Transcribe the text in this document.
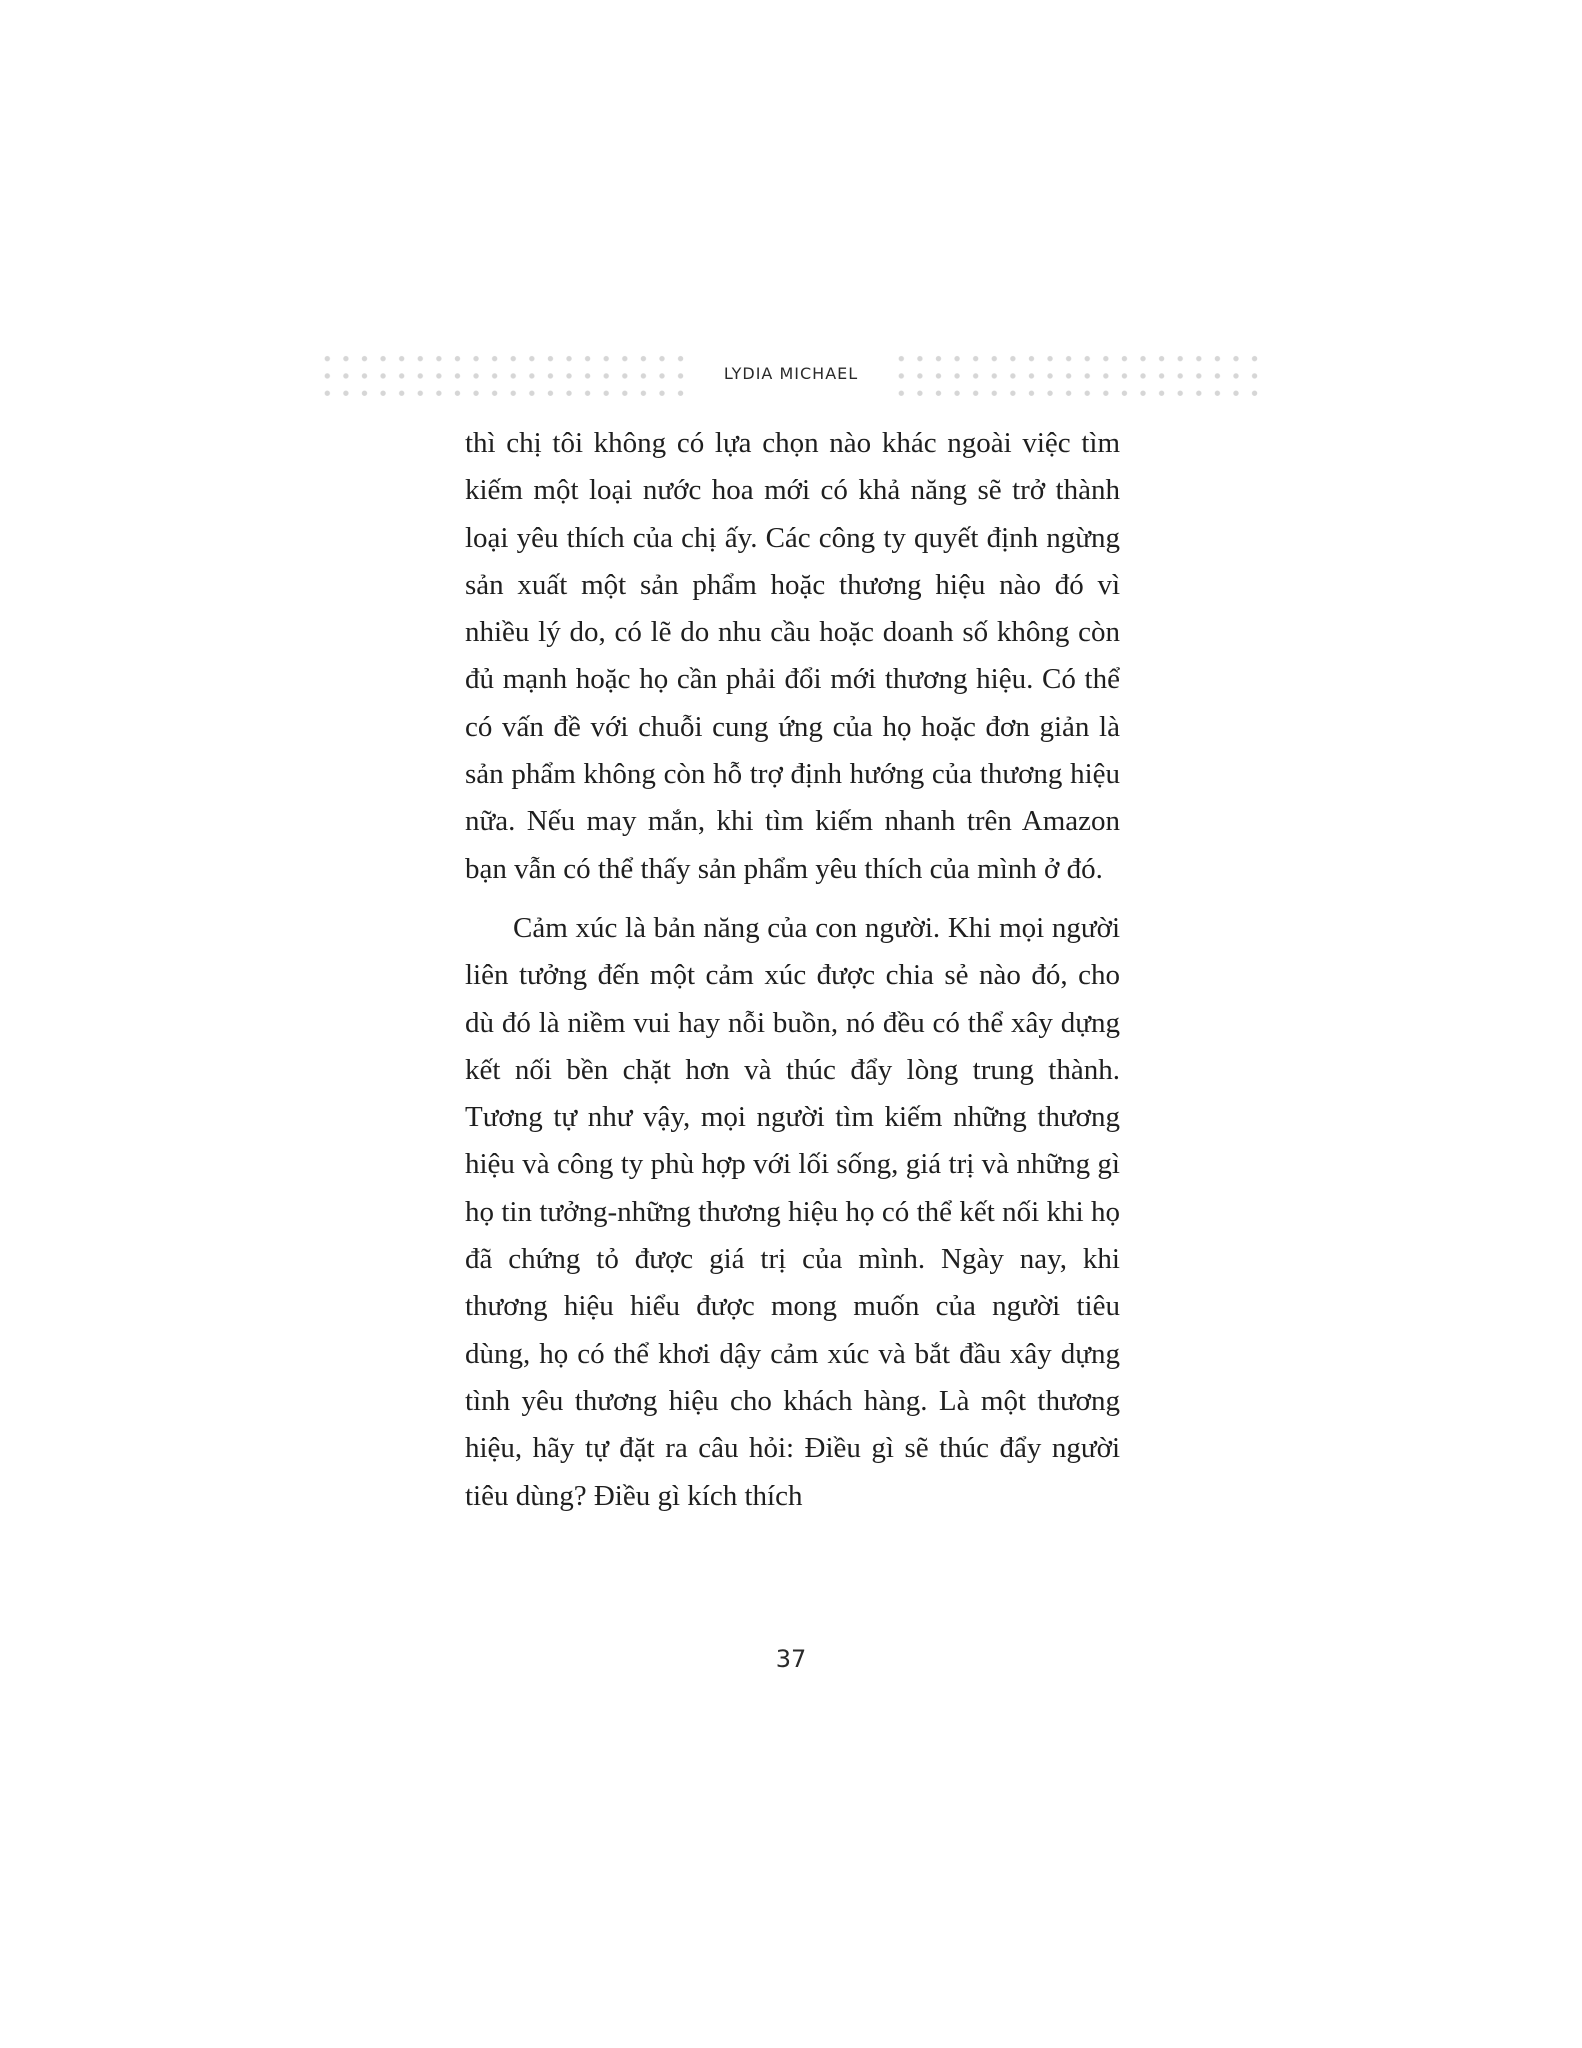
LYDIA MICHAEL

thì chị tôi không có lựa chọn nào khác ngoài việc tìm kiếm một loại nước hoa mới có khả năng sẽ trở thành loại yêu thích của chị ấy. Các công ty quyết định ngừng sản xuất một sản phẩm hoặc thương hiệu nào đó vì nhiều lý do, có lẽ do nhu cầu hoặc doanh số không còn đủ mạnh hoặc họ cần phải đổi mới thương hiệu. Có thể có vấn đề với chuỗi cung ứng của họ hoặc đơn giản là sản phẩm không còn hỗ trợ định hướng của thương hiệu nữa. Nếu may mắn, khi tìm kiếm nhanh trên Amazon bạn vẫn có thể thấy sản phẩm yêu thích của mình ở đó.

Cảm xúc là bản năng của con người. Khi mọi người liên tưởng đến một cảm xúc được chia sẻ nào đó, cho dù đó là niềm vui hay nỗi buồn, nó đều có thể xây dựng kết nối bền chặt hơn và thúc đẩy lòng trung thành. Tương tự như vậy, mọi người tìm kiếm những thương hiệu và công ty phù hợp với lối sống, giá trị và những gì họ tin tưởng-những thương hiệu họ có thể kết nối khi họ đã chứng tỏ được giá trị của mình. Ngày nay, khi thương hiệu hiểu được mong muốn của người tiêu dùng, họ có thể khơi dậy cảm xúc và bắt đầu xây dựng tình yêu thương hiệu cho khách hàng. Là một thương hiệu, hãy tự đặt ra câu hỏi: Điều gì sẽ thúc đẩy người tiêu dùng? Điều gì kích thích

37
